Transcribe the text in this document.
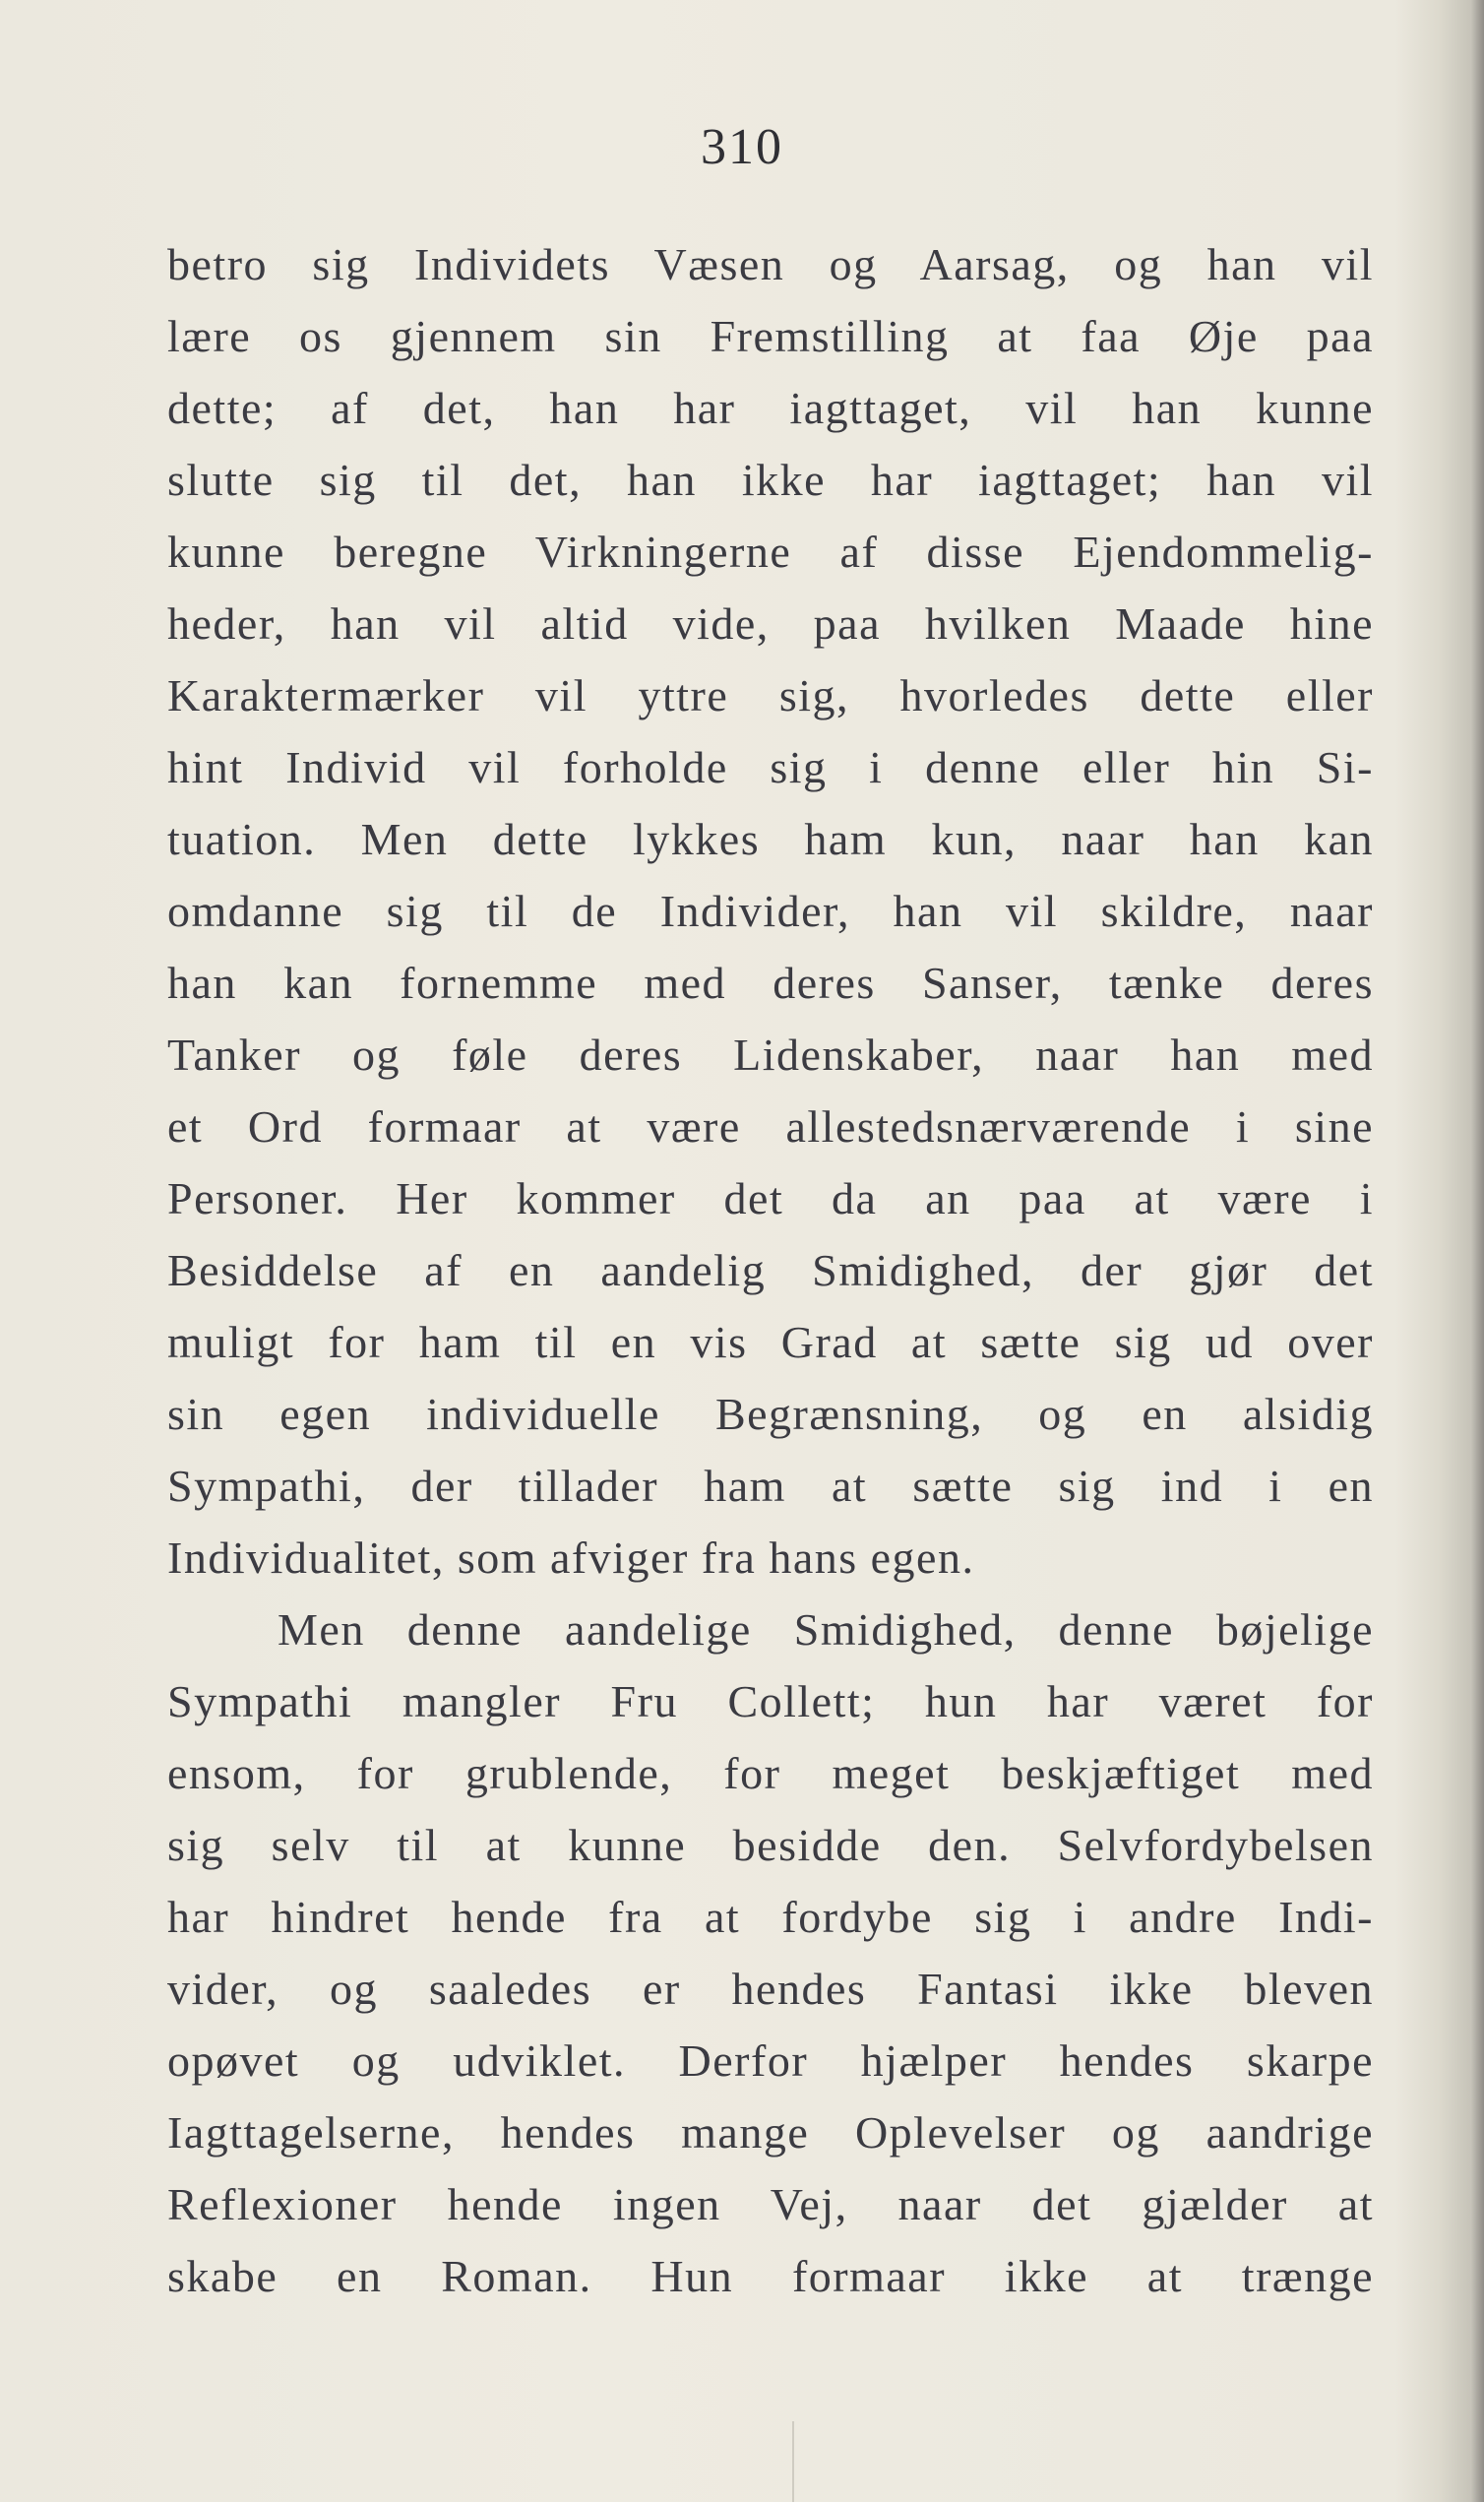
310
betro sig Individets Væsen og Aarsag, og han vil
lære os gjennem sin Fremstilling at faa Øje paa
dette; af det, han har iagttaget, vil han kunne
slutte sig til det, han ikke har iagttaget; han vil
kunne beregne Virkningerne af disse Ejendommelig-
heder, han vil altid vide, paa hvilken Maade hine
Karaktermærker vil yttre sig, hvorledes dette eller
hint Individ vil forholde sig i denne eller hin Si-
tuation. Men dette lykkes ham kun, naar han kan
omdanne sig til de Individer, han vil skildre, naar
han kan fornemme med deres Sanser, tænke deres
Tanker og føle deres Lidenskaber, naar han med
et Ord formaar at være allestedsnærværende i sine
Personer. Her kommer det da an paa at være i
Besiddelse af en aandelig Smidighed, der gjør det
muligt for ham til en vis Grad at sætte sig ud over
sin egen individuelle Begrænsning, og en alsidig
Sympathi, der tillader ham at sætte sig ind i en
Individualitet, som afviger fra hans egen.
Men denne aandelige Smidighed, denne bøjelige
Sympathi mangler Fru Collett; hun har været for
ensom, for grublende, for meget beskjæftiget med
sig selv til at kunne besidde den. Selvfordybelsen
har hindret hende fra at fordybe sig i andre Indi-
vider, og saaledes er hendes Fantasi ikke bleven
opøvet og udviklet. Derfor hjælper hendes skarpe
Iagttagelserne, hendes mange Oplevelser og aandrige
Reflexioner hende ingen Vej, naar det gjælder at
skabe en Roman. Hun formaar ikke at trænge
